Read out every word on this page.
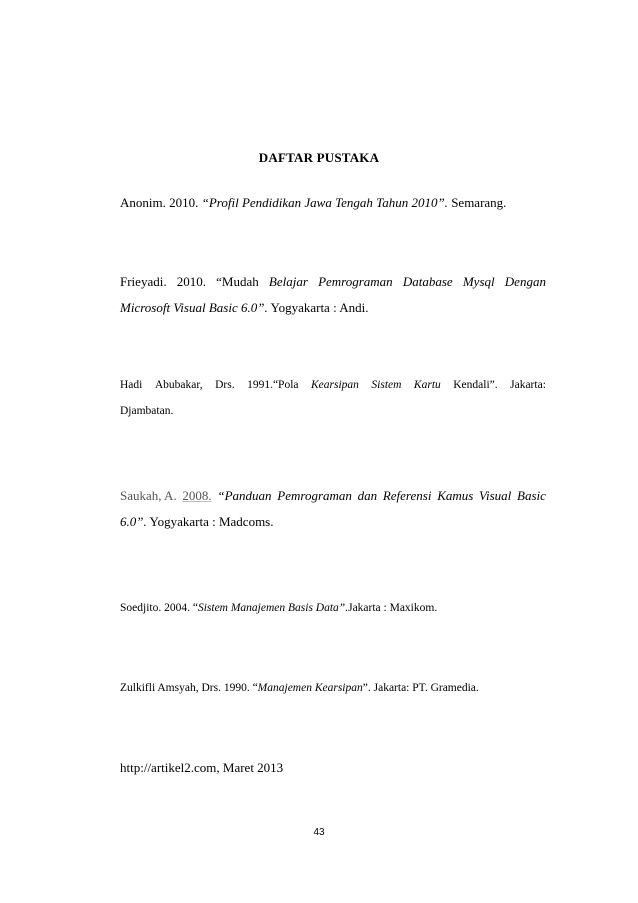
DAFTAR PUSTAKA
Anonim. 2010. “Profil Pendidikan Jawa Tengah Tahun 2010”. Semarang.
Frieyadi. 2010. “Mudah Belajar Pemrograman Database Mysql Dengan
Microsoft Visual Basic 6.0”. Yogyakarta : Andi.
Hadi Abubakar, Drs. 1991.“Pola Kearsipan Sistem Kartu Kendali”. Jakarta:
Djambatan.
Saukah, A. 2008. “Panduan Pemrograman dan Referensi Kamus Visual Basic
6.0”. Yogyakarta : Madcoms.
Soedjito. 2004. “Sistem Manajemen Basis Data”.Jakarta : Maxikom.
Zulkifli Amsyah, Drs. 1990. “Manajemen Kearsipan”. Jakarta: PT. Gramedia.
http://artikel2.com, Maret 2013
43
